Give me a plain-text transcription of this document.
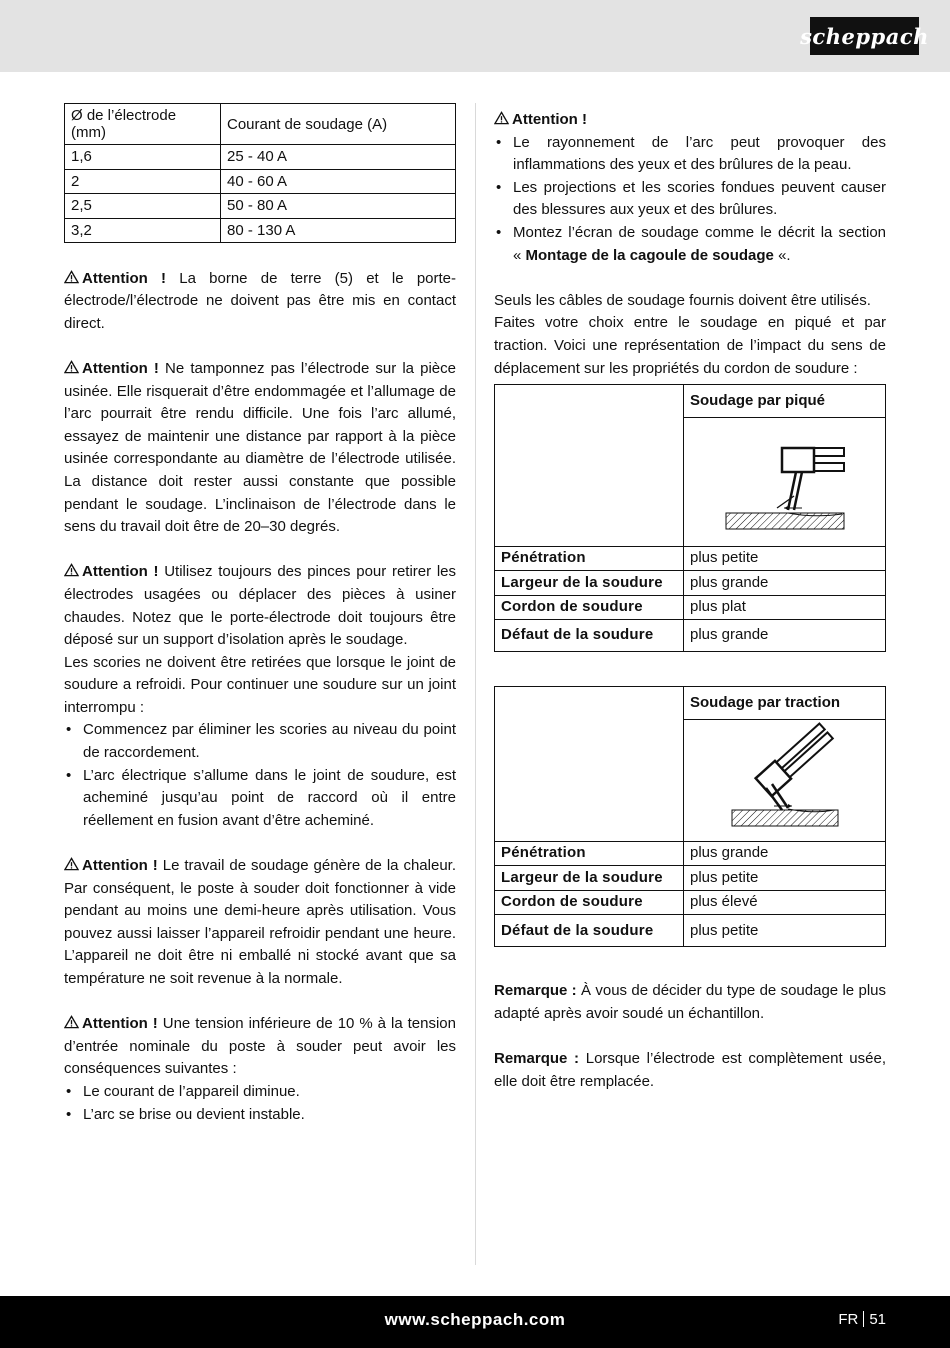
scheppach
Ø de l’électrode (mm)	Courant de soudage (A)
1,6	25 - 40 A
2	40 - 60 A
2,5	50 - 80 A
3,2	80 - 130 A

Attention ! La borne de terre (5) et le porte-électrode/l’électrode ne doivent pas être mis en contact direct.

Attention ! Ne tamponnez pas l’électrode sur la pièce usinée. Elle risquerait d’être endommagée et l’allumage de l’arc pourrait être rendu difficile. Une fois l’arc allumé, essayez de maintenir une distance par rapport à la pièce usinée correspondante au diamètre de l’électrode utilisée. La distance doit rester aussi constante que possible pendant le soudage. L’inclinaison de l’électrode dans le sens du travail doit être de 20–30 degrés.

Attention ! Utilisez toujours des pinces pour retirer les électrodes usagées ou déplacer des pièces à usiner chaudes. Notez que le porte-électrode doit toujours être déposé sur un support d’isolation après le soudage.

Les scories ne doivent être retirées que lorsque le joint de soudure a refroidi. Pour continuer une soudure sur un joint interrompu :

• Commencez par éliminer les scories au niveau du point de raccordement.
• L’arc électrique s’allume dans le joint de soudure, est acheminé jusqu’au point de raccord où il entre réellement en fusion avant d’être acheminé.

Attention ! Le travail de soudage génère de la chaleur. Par conséquent, le poste à souder doit fonctionner à vide pendant au moins une demi-heure après utilisation. Vous pouvez aussi laisser l’appareil refroidir pendant une heure. L’appareil ne doit être ni emballé ni stocké avant que sa température ne soit revenue à la normale.

Attention ! Une tension inférieure de 10 % à la tension d’entrée nominale du poste à souder peut avoir les conséquences suivantes :

• Le courant de l’appareil diminue.
• L’arc se brise ou devient instable.

Attention !

• Le rayonnement de l’arc peut provoquer des inflammations des yeux et des brûlures de la peau.
• Les projections et les scories fondues peuvent causer des blessures aux yeux et des brûlures.
• Montez l’écran de soudage comme le décrit la section « Montage de la cagoule de soudage «.

Seuls les câbles de soudage fournis doivent être utilisés.

Faites votre choix entre le soudage en piqué et par traction. Voici une représentation de l’impact du sens de déplacement sur les propriétés du cordon de soudure :

	Soudage par piqué

Pénétration	plus petite
Largeur de la soudure	plus grande
Cordon de soudure	plus plat
Défaut de la soudure	plus grande
	Soudage par traction

Pénétration	plus grande
Largeur de la soudure	plus petite
Cordon de soudure	plus élevé
Défaut de la soudure	plus petite

Remarque : À vous de décider du type de soudage le plus adapté après avoir soudé un échantillon.

Remarque : Lorsque l’électrode est complètement usée, elle doit être remplacée.

www.scheppach.com	FR 51
